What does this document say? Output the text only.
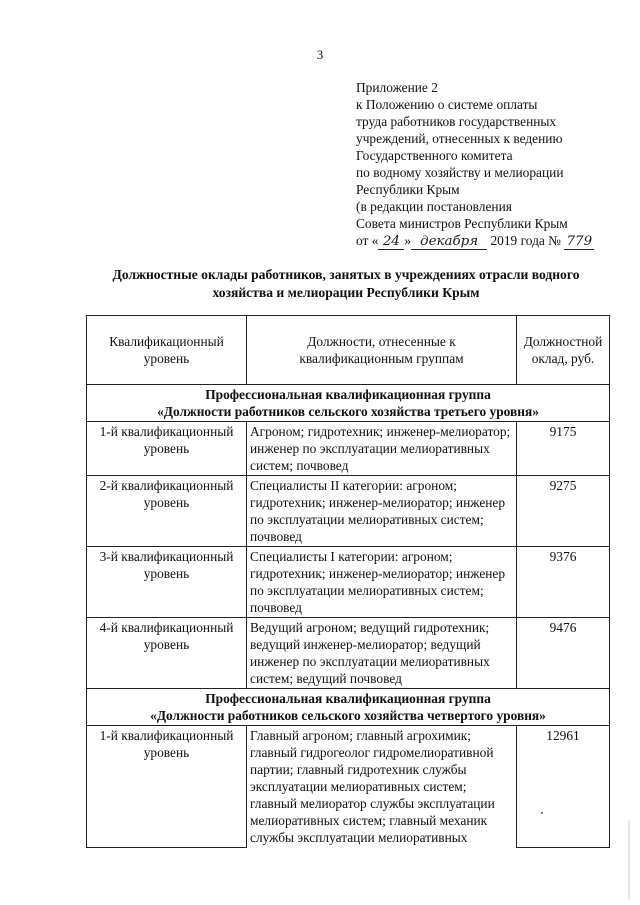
3
Приложение 2
к Положению о системе оплаты
труда работников государственных
учреждений, отнесенных к ведению
Государственного комитета
по водному хозяйству и мелиорации
Республики Крым
(в редакции постановления
Совета министров Республики Крым
от « 24 » декабря 2019 года № 779
Должностные оклады работников, занятых в учреждениях отрасли водного хозяйства и мелиорации Республики Крым
Квалификационный уровень	Должности, отнесенные к квалификационным группам	Должностной оклад, руб.

Профессиональная квалификационная группа
«Должности работников сельского хозяйства третьего уровня»		

1-й квалификационный уровень	Агроном; гидротехник; инженер-мелиоратор; инженер по эксплуатации мелиоративных систем; почвовед	9175
2-й квалификационный уровень	Специалисты II категории: агроном; гидротехник; инженер-мелиоратор; инженер по эксплуатации мелиоративных систем; почвовед	9275
3-й квалификационный уровень	Специалисты I категории: агроном; гидротехник; инженер-мелиоратор; инженер по эксплуатации мелиоративных систем; почвовед	9376
4-й квалификационный уровень	Ведущий агроном; ведущий гидротехник; ведущий инженер-мелиоратор; ведущий инженер по эксплуатации мелиоративных систем; ведущий почвовед	9476

Профессиональная квалификационная группа
«Должности работников сельского хозяйства четвертого уровня»		

1-й квалификационный уровень	Главный агроном; главный агрохимик; главный гидрогеолог гидромелиоративной партии; главный гидротехник службы эксплуатации мелиоративных систем; главный мелиоратор службы эксплуатации мелиоративных систем; главный механик службы эксплуатации мелиоративных	12961
